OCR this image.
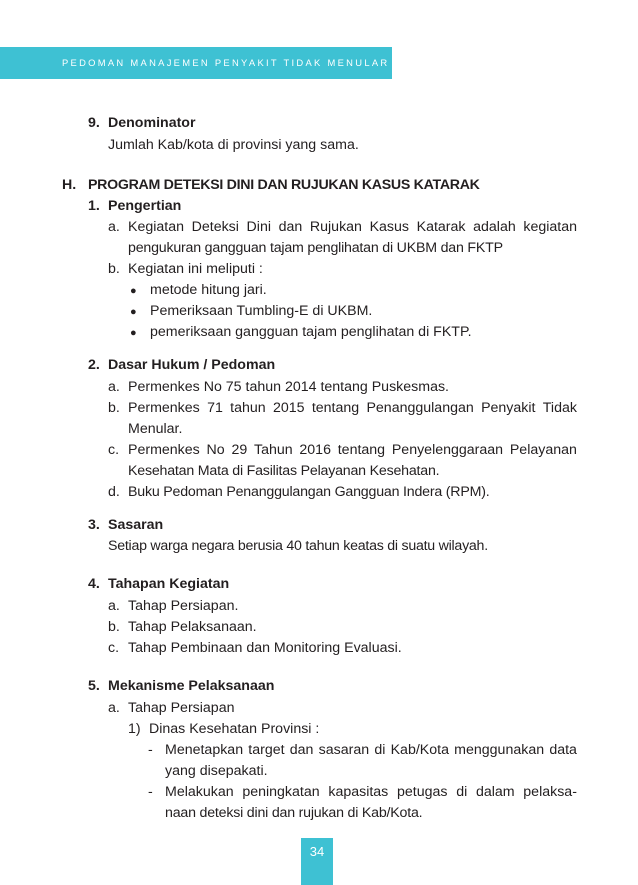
PEDOMAN MANAJEMEN PENYAKIT TIDAK MENULAR
9. Denominator
Jumlah Kab/kota di provinsi yang sama.
H. PROGRAM DETEKSI DINI DAN RUJUKAN KASUS KATARAK
1. Pengertian
a. Kegiatan Deteksi Dini dan Rujukan Kasus Katarak adalah kegiatan
pengukuran gangguan tajam penglihatan di UKBM dan FKTP
b. Kegiatan ini meliputi :
● metode hitung jari.
● Pemeriksaan Tumbling-E di UKBM.
● pemeriksaan gangguan tajam penglihatan di FKTP.
2. Dasar Hukum / Pedoman
a. Permenkes No 75 tahun 2014 tentang Puskesmas.
b. Permenkes 71 tahun 2015 tentang Penanggulangan Penyakit Tidak
Menular.
c. Permenkes No 29 Tahun 2016 tentang Penyelenggaraan Pelayanan
Kesehatan Mata di Fasilitas Pelayanan Kesehatan.
d. Buku Pedoman Penanggulangan Gangguan Indera (RPM).
3. Sasaran
Setiap warga negara berusia 40 tahun keatas di suatu wilayah.
4. Tahapan Kegiatan
a. Tahap Persiapan.
b. Tahap Pelaksanaan.
c. Tahap Pembinaan dan Monitoring Evaluasi.
5. Mekanisme Pelaksanaan
a. Tahap Persiapan
1) Dinas Kesehatan Provinsi :
- Menetapkan target dan sasaran di Kab/Kota menggunakan data
yang disepakati.
- Melakukan peningkatan kapasitas petugas di dalam pelaksa-
naan deteksi dini dan rujukan di Kab/Kota.
34
